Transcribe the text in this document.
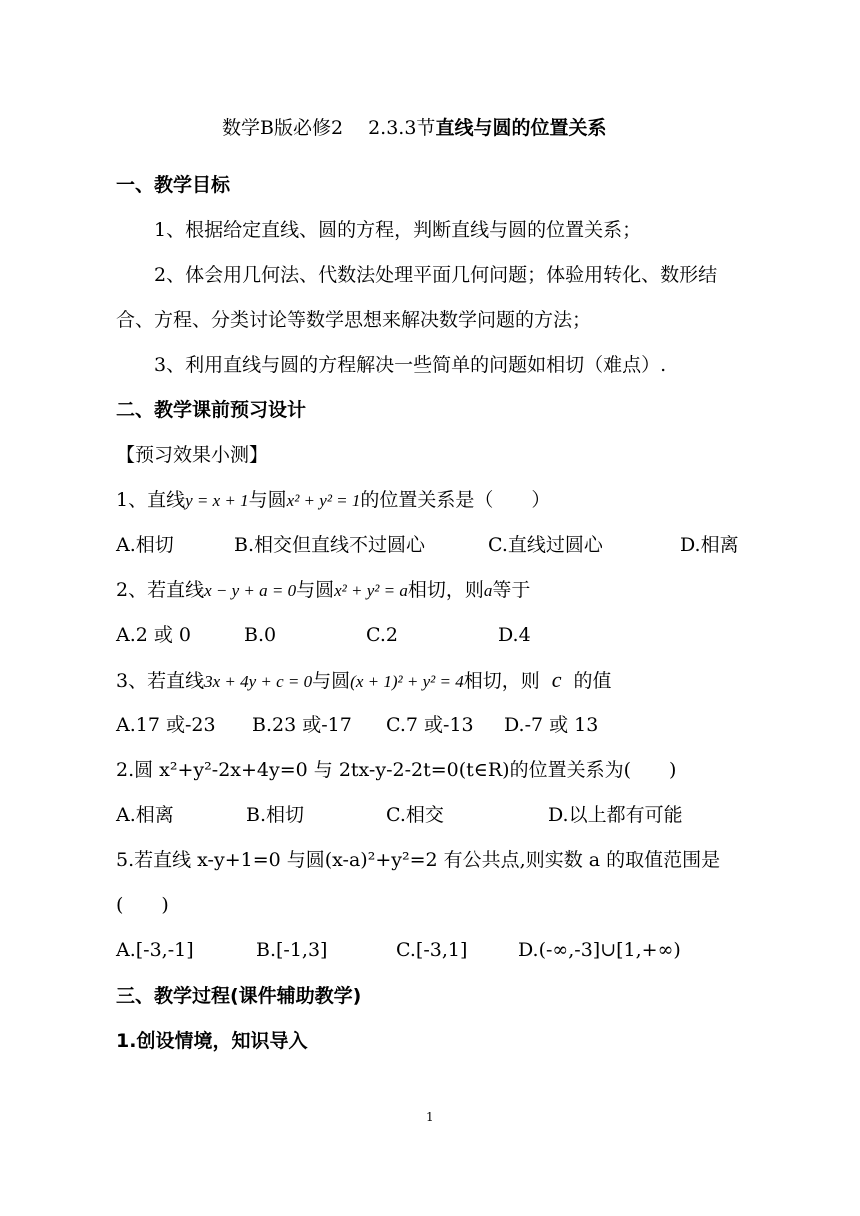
数学B版必修2　 2.3.3节直线与圆的位置关系
一、教学目标
1、根据给定直线、圆的方程，判断直线与圆的位置关系；
2、体会用几何法、代数法处理平面几何问题；体验用转化、数形结
合、方程、分类讨论等数学思想来解决数学问题的方法；
3、利用直线与圆的方程解决一些简单的问题如相切（难点）.
二、教学课前预习设计
【预习效果小测】
1、直线y = x + 1与圆x² + y² = 1的位置关系是（　　）
A.相切	B.相交但直线不过圆心	C.直线过圆心	D.相离
2、若直线x − y + a = 0与圆x² + y² = a相切，则a等于
A.2 或 0	B.0	C.2	D.4
3、若直线3x + 4y + c = 0与圆(x + 1)² + y² = 4相切，则 c 的值
A.17 或-23 B.23 或-17 C.7 或-13 D.-7 或 13
2.圆 x²+y²-2x+4y=0 与 2tx-y-2-2t=0(t∈R)的位置关系为(　　)
A.相离	B.相切	C.相交	D.以上都有可能
5.若直线 x-y+1=0 与圆(x-a)²+y²=2 有公共点,则实数 a 的取值范围是
(　　)
A.[-3,-1]	B.[-1,3]	C.[-3,1]	D.(-∞,-3]∪[1,+∞)
三、教学过程(课件辅助教学)
1.创设情境，知识导入
1
